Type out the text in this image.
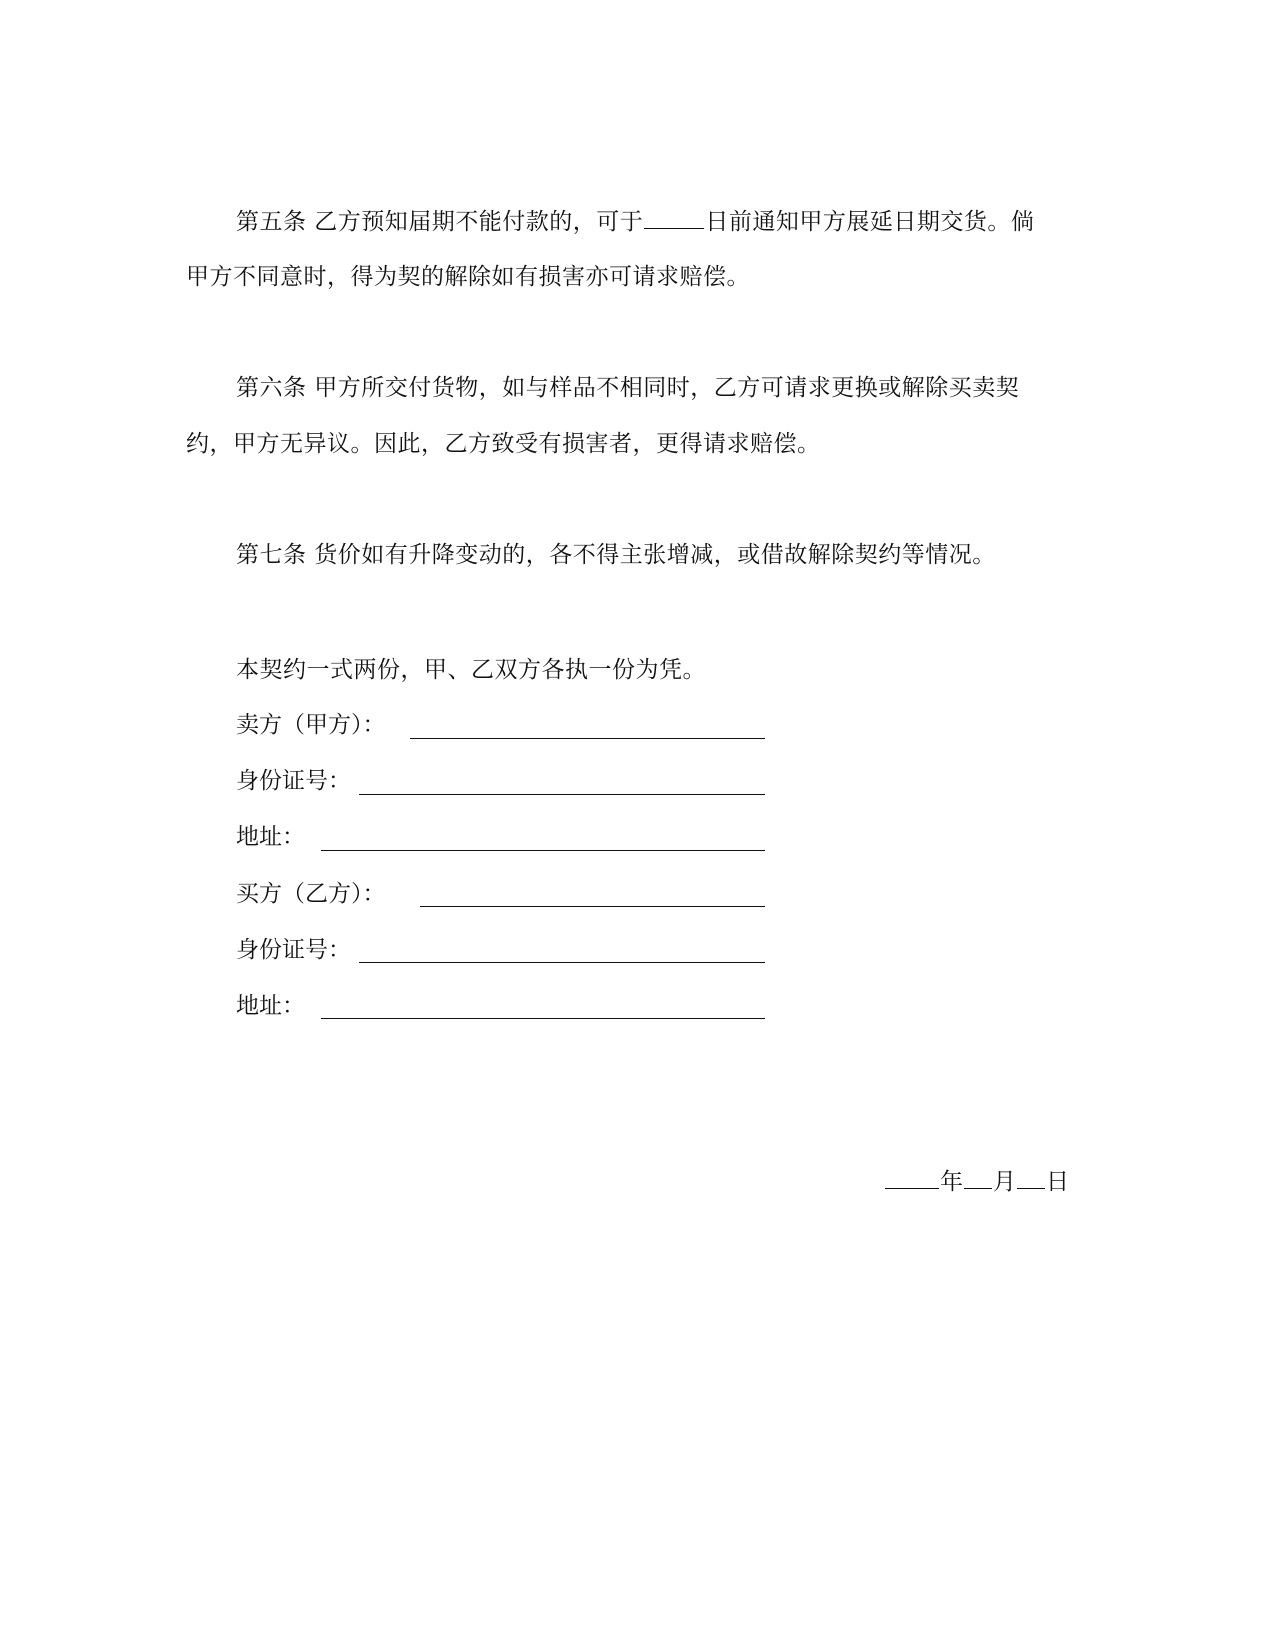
第五条 乙方预知届期不能付款的，可于	日前通知甲方展延日期交货。倘
甲方不同意时，得为契的解除如有损害亦可请求赔偿。
第六条 甲方所交付货物，如与样品不相同时，乙方可请求更换或解除买卖契
约，甲方无异议。因此，乙方致受有损害者，更得请求赔偿。
第七条 货价如有升降变动的，各不得主张增减，或借故解除契约等情况。
本契约一式两份，甲、乙双方各执一份为凭。
卖方（甲方）：
身份证号：
地址：
买方（乙方）：
身份证号：
地址：
年 月 日
